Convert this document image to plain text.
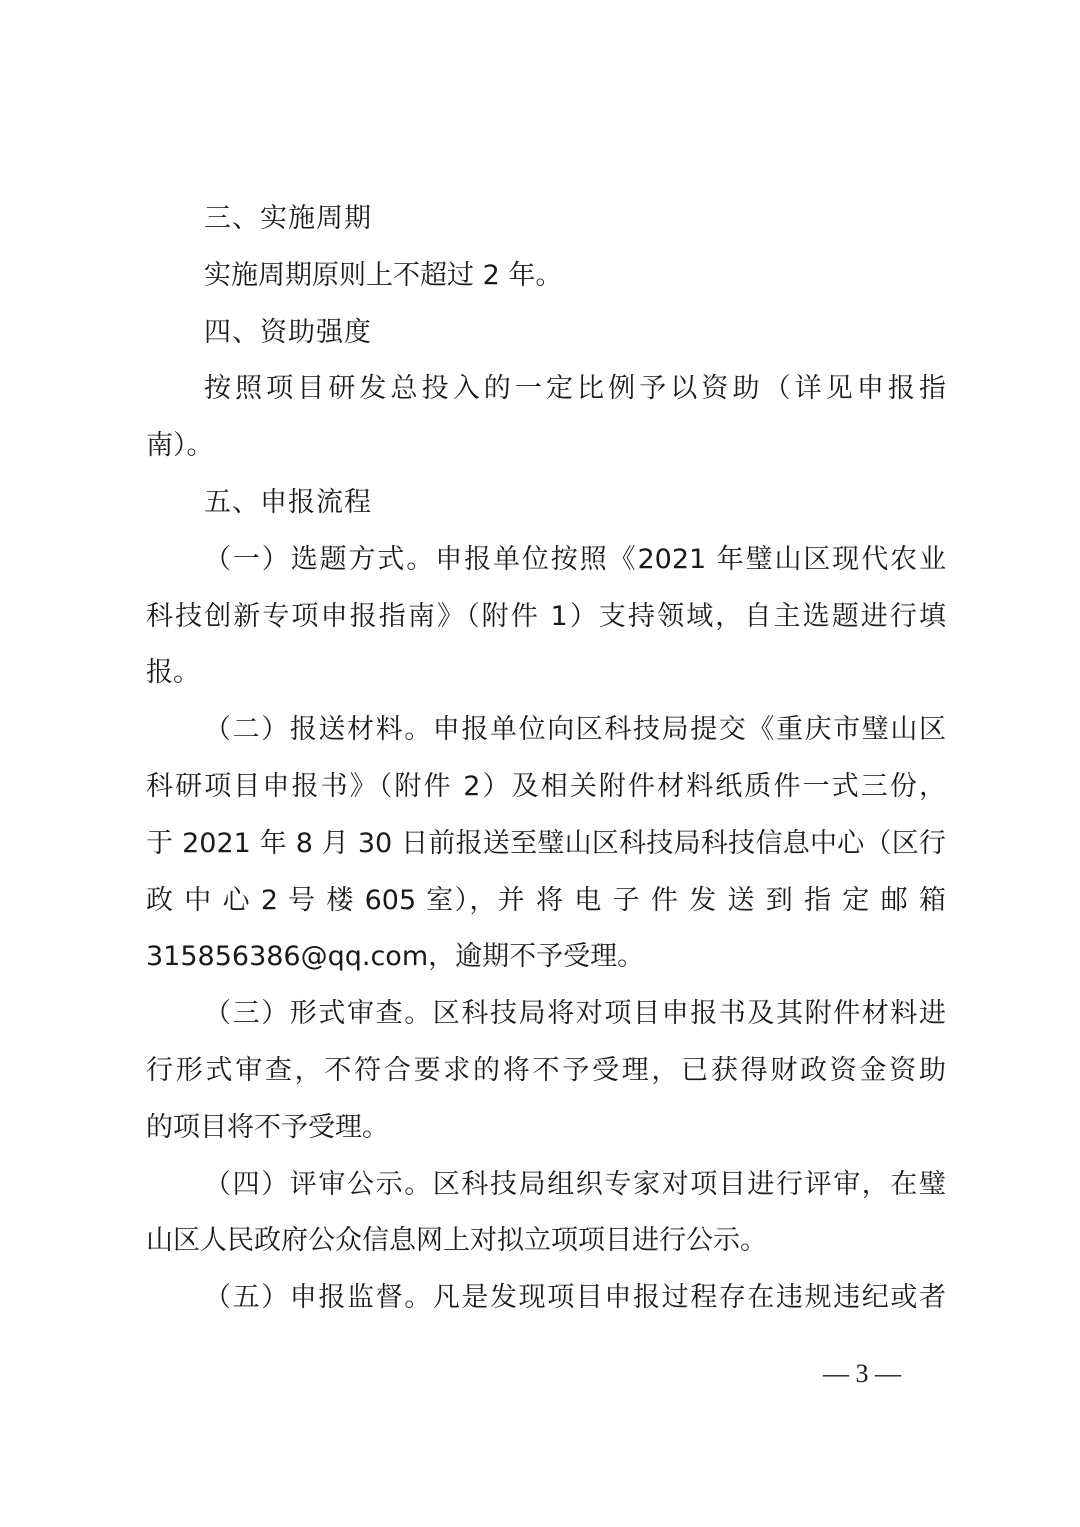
三、实施周期
实施周期原则上不超过 2 年。
四、资助强度
按照项目研发总投入的一定比例予以资助（详见申报指
南）。
五、申报流程
（一）选题方式。申报单位按照《2021 年璧山区现代农业
科技创新专项申报指南》（附件 1）支持领域，自主选题进行填
报。
（二）报送材料。申报单位向区科技局提交《重庆市璧山区
科研项目申报书》（附件 2）及相关附件材料纸质件一式三份，
于 2021 年 8 月 30 日前报送至璧山区科技局科技信息中心（区行
政 中 心 2 号 楼 605 室），并 将 电 子 件 发 送 到 指 定 邮 箱
315856386@qq.com，逾期不予受理。
（三）形式审查。区科技局将对项目申报书及其附件材料进
行形式审查，不符合要求的将不予受理，已获得财政资金资助
的项目将不予受理。
（四）评审公示。区科技局组织专家对项目进行评审，在璧
山区人民政府公众信息网上对拟立项项目进行公示。
（五）申报监督。凡是发现项目申报过程存在违规违纪或者
— 3 —
